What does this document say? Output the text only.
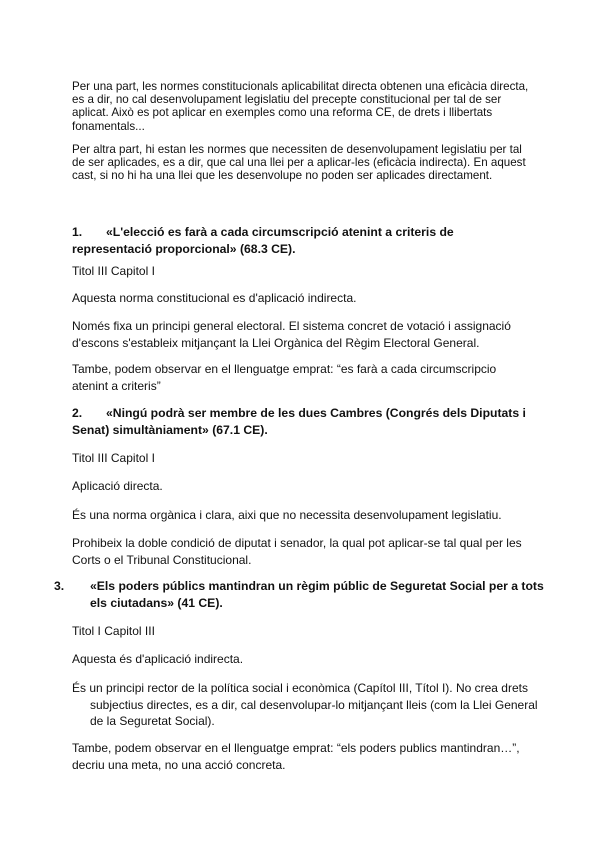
Per una part, les normes constitucionals aplicabilitat directa obtenen una eficàcia directa, es a dir, no cal desenvolupament legislatiu del precepte constitucional per tal de ser aplicat. Això es pot aplicar en exemples como una reforma CE, de drets i llibertats fonamentals...

Per altra part, hi estan les normes que necessiten de desenvolupament legislatiu per tal de ser aplicades, es a dir, que cal una llei per a aplicar-les (eficàcia indirecta). En aquest cast, si no hi ha una llei que les desenvolupe no poden ser aplicades directament.

1. «L'elecció es farà a cada circumscripció atenint a criteris de representació proporcional» (68.3 CE).

Titol III Capitol I

Aquesta norma constitucional es d'aplicació indirecta.

Només fixa un principi general electoral. El sistema concret de votació i assignació d'escons s'estableix mitjançant la Llei Orgànica del Règim Electoral General.

Tambe, podem observar en el llenguatge emprat: “es farà a cada circumscripcio atenint a criteris”

2. «Ningú podrà ser membre de les dues Cambres (Congrés dels Diputats i Senat) simultàniament» (67.1 CE).

Titol III Capitol I

Aplicació directa.

És una norma orgànica i clara, aixi que no necessita desenvolupament legislatiu.

Prohibeix la doble condició de diputat i senador, la qual pot aplicar-se tal qual per les Corts o el Tribunal Constitucional.

3. «Els poders públics mantindran un règim públic de Seguretat Social per a tots els ciutadans» (41 CE).

Titol I Capitol III

Aquesta és d'aplicació indirecta.

És un principi rector de la política social i econòmica (Capítol III, Títol I). No crea drets subjectius directes, es a dir, cal desenvolupar-lo mitjançant lleis (com la Llei General de la Seguretat Social).

Tambe, podem observar en el llenguatge emprat: “els poders publics mantindran…”, decriu una meta, no una acció concreta.
